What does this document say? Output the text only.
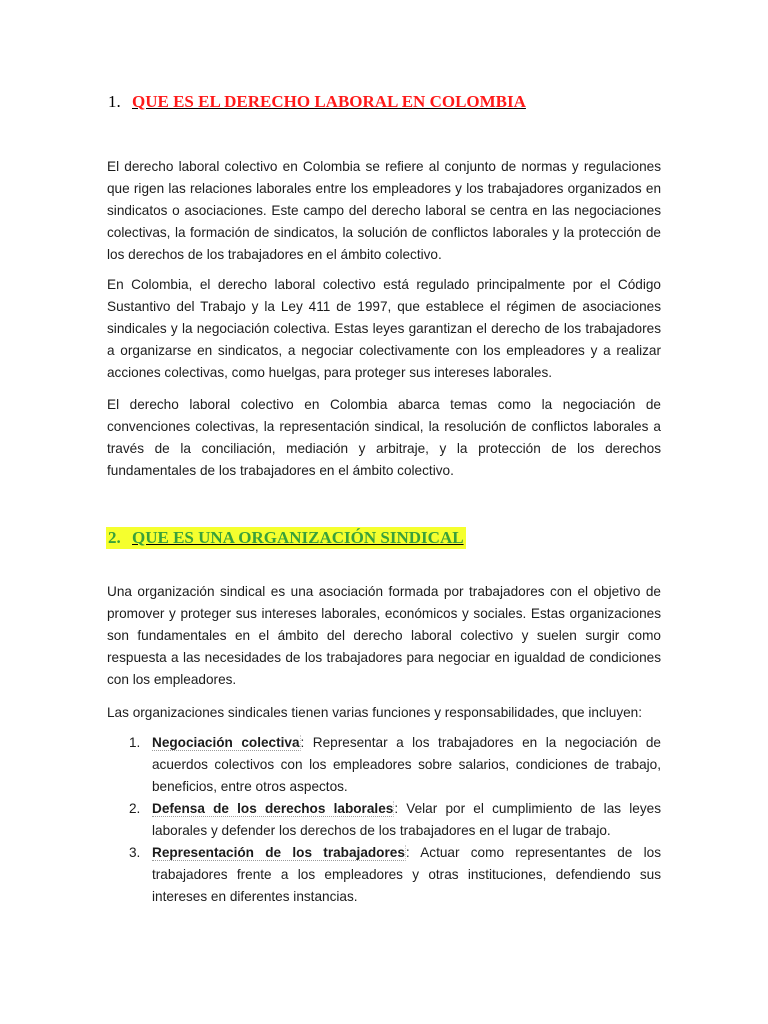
1. QUE ES EL DERECHO LABORAL EN COLOMBIA

El derecho laboral colectivo en Colombia se refiere al conjunto de normas y regulaciones que rigen las relaciones laborales entre los empleadores y los trabajadores organizados en sindicatos o asociaciones. Este campo del derecho laboral se centra en las negociaciones colectivas, la formación de sindicatos, la solución de conflictos laborales y la protección de los derechos de los trabajadores en el ámbito colectivo.

En Colombia, el derecho laboral colectivo está regulado principalmente por el Código Sustantivo del Trabajo y la Ley 411 de 1997, que establece el régimen de asociaciones sindicales y la negociación colectiva. Estas leyes garantizan el derecho de los trabajadores a organizarse en sindicatos, a negociar colectivamente con los empleadores y a realizar acciones colectivas, como huelgas, para proteger sus intereses laborales.

El derecho laboral colectivo en Colombia abarca temas como la negociación de convenciones colectivas, la representación sindical, la resolución de conflictos laborales a través de la conciliación, mediación y arbitraje, y la protección de los derechos fundamentales de los trabajadores en el ámbito colectivo.

2. QUE ES UNA ORGANIZACIÓN SINDICAL

Una organización sindical es una asociación formada por trabajadores con el objetivo de promover y proteger sus intereses laborales, económicos y sociales. Estas organizaciones son fundamentales en el ámbito del derecho laboral colectivo y suelen surgir como respuesta a las necesidades de los trabajadores para negociar en igualdad de condiciones con los empleadores.

Las organizaciones sindicales tienen varias funciones y responsabilidades, que incluyen:

1. Negociación colectiva: Representar a los trabajadores en la negociación de acuerdos colectivos con los empleadores sobre salarios, condiciones de trabajo, beneficios, entre otros aspectos.
2. Defensa de los derechos laborales: Velar por el cumplimiento de las leyes laborales y defender los derechos de los trabajadores en el lugar de trabajo.
3. Representación de los trabajadores: Actuar como representantes de los trabajadores frente a los empleadores y otras instituciones, defendiendo sus intereses en diferentes instancias.
